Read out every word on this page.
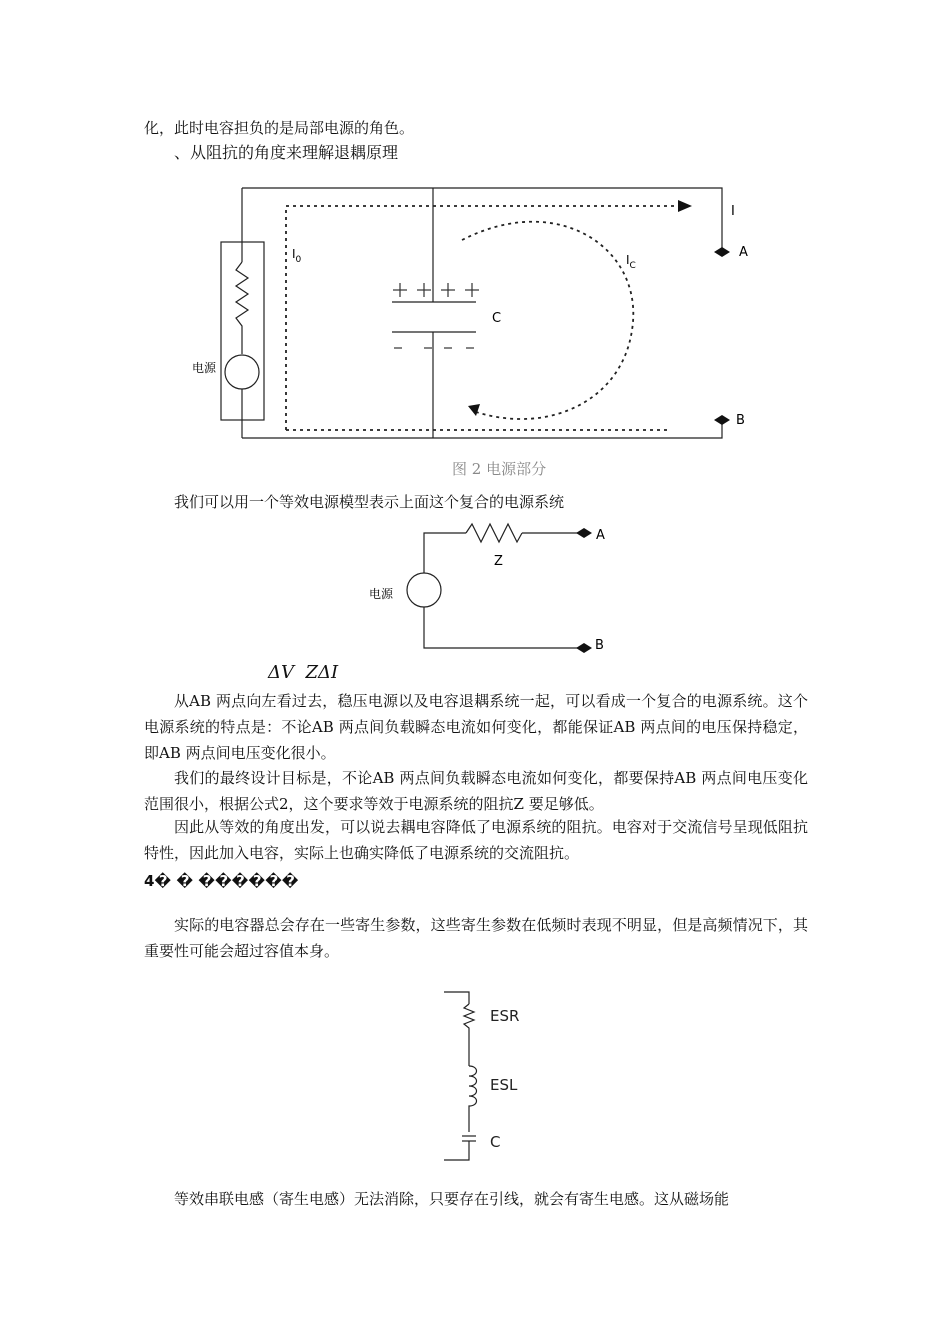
化，此时电容担负的是局部电源的角色。
、从阻抗的角度来理解退耦原理
$I_0$	$I_C$
I
A
B
C
电源
图 2 电源部分
我们可以用一个等效电源模型表示上面这个复合的电源系统
Z
A
B
电源
ΔV  ZΔI
从AB 两点向左看过去，稳压电源以及电容退耦系统一起，可以看成一个复合的电源系统。这个电源系统的特点是：不论AB 两点间负载瞬态电流如何变化，都能保证AB 两点间的电压保持稳定，即AB 两点间电压变化很小。
我们的最终设计目标是，不论AB 两点间负载瞬态电流如何变化，都要保持AB 两点间电压变化范围很小，根据公式2，这个要求等效于电源系统的阻抗Z 要足够低。
因此从等效的角度出发，可以说去耦电容降低了电源系统的阻抗。电容对于交流信号呈现低阻抗特性，因此加入电容，实际上也确实降低了电源系统的交流阻抗。
4� � ������
实际的电容器总会存在一些寄生参数，这些寄生参数在低频时表现不明显，但是高频情况下，其重要性可能会超过容值本身。
ESR
ESL
C
等效串联电感（寄生电感）无法消除，只要存在引线，就会有寄生电感。这从磁场能
